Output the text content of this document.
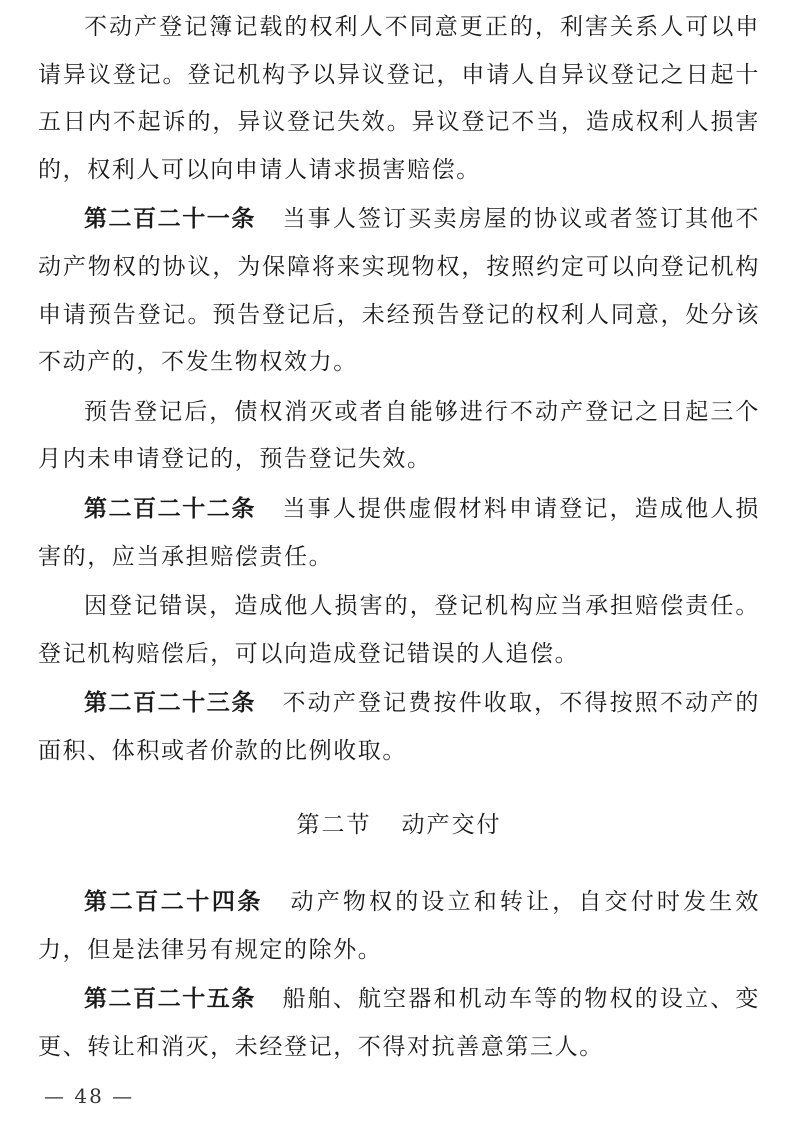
不动产登记簿记载的权利人不同意更正的，利害关系人可以申请异议登记。登记机构予以异议登记，申请人自异议登记之日起十五日内不起诉的，异议登记失效。异议登记不当，造成权利人损害的，权利人可以向申请人请求损害赔偿。

第二百二十一条 当事人签订买卖房屋的协议或者签订其他不动产物权的协议，为保障将来实现物权，按照约定可以向登记机构申请预告登记。预告登记后，未经预告登记的权利人同意，处分该不动产的，不发生物权效力。

预告登记后，债权消灭或者自能够进行不动产登记之日起三个月内未申请登记的，预告登记失效。

第二百二十二条 当事人提供虚假材料申请登记，造成他人损害的，应当承担赔偿责任。

因登记错误，造成他人损害的，登记机构应当承担赔偿责任。登记机构赔偿后，可以向造成登记错误的人追偿。

第二百二十三条 不动产登记费按件收取，不得按照不动产的面积、体积或者价款的比例收取。

第二节 动产交付

第二百二十四条 动产物权的设立和转让，自交付时发生效力，但是法律另有规定的除外。

第二百二十五条 船舶、航空器和机动车等的物权的设立、变更、转让和消灭，未经登记，不得对抗善意第三人。

— 48 —
